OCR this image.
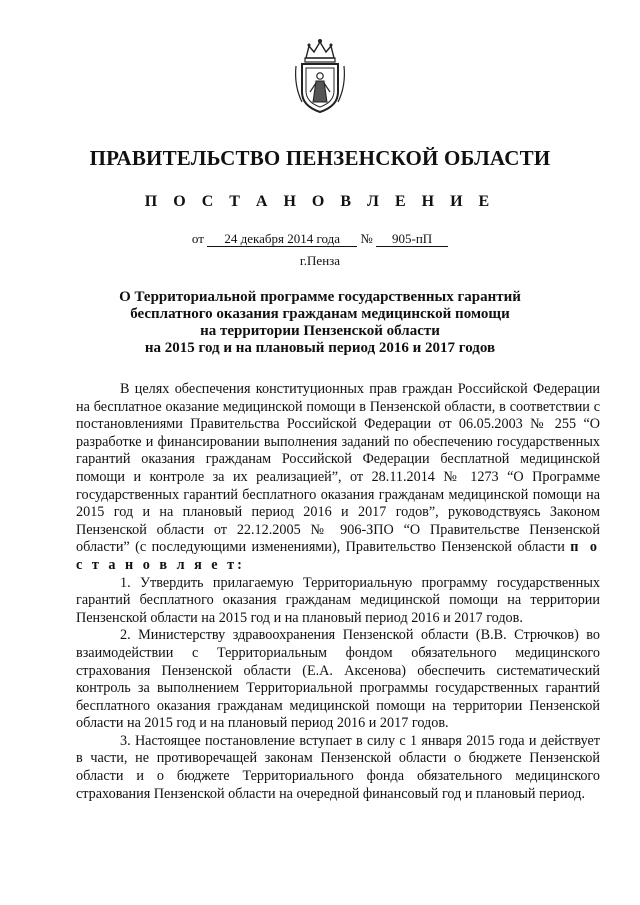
ПРАВИТЕЛЬСТВО ПЕНЗЕНСКОЙ ОБЛАСТИ
П О С Т А Н О В Л Е Н И Е
от 24 декабря 2014 года № 905-пП
г.Пенза
О Территориальной программе государственных гарантий
бесплатного оказания гражданам медицинской помощи
на территории Пензенской области
на 2015 год и на плановый период 2016 и 2017 годов

В целях обеспечения конституционных прав граждан Российской Федерации на бесплатное оказание медицинской помощи в Пензенской области, в соответствии с постановлениями Правительства Российской Федерации от 06.05.2003 № 255 “О разработке и финансировании выполнения заданий по обеспечению государственных гарантий оказания гражданам Российской Федерации бесплатной медицинской помощи и контроле за их реализацией”, от 28.11.2014 № 1273 “О Программе государственных гарантий бесплатного оказания гражданам медицинской помощи на 2015 год и на плановый период 2016 и 2017 годов”, руководствуясь Законом Пензенской области от 22.12.2005 № 906-ЗПО “О Правительстве Пензенской области” (с последующими изменениями), Правительство Пензенской области п о с т а н о в л я е т:

1. Утвердить прилагаемую Территориальную программу государственных гарантий бесплатного оказания гражданам медицинской помощи на территории Пензенской области на 2015 год и на плановый период 2016 и 2017 годов.

2. Министерству здравоохранения Пензенской области (В.В. Стрючков) во взаимодействии с Территориальным фондом обязательного медицинского страхования Пензенской области (Е.А. Аксенова) обеспечить систематический контроль за выполнением Территориальной программы государственных гарантий бесплатного оказания гражданам медицинской помощи на территории Пензенской области на 2015 год и на плановый период 2016 и 2017 годов.

3. Настоящее постановление вступает в силу с 1 января 2015 года и действует в части, не противоречащей законам Пензенской области о бюджете Пензенской области и о бюджете Территориального фонда обязательного медицинского страхования Пензенской области на очередной финансовый год и плановый период.
